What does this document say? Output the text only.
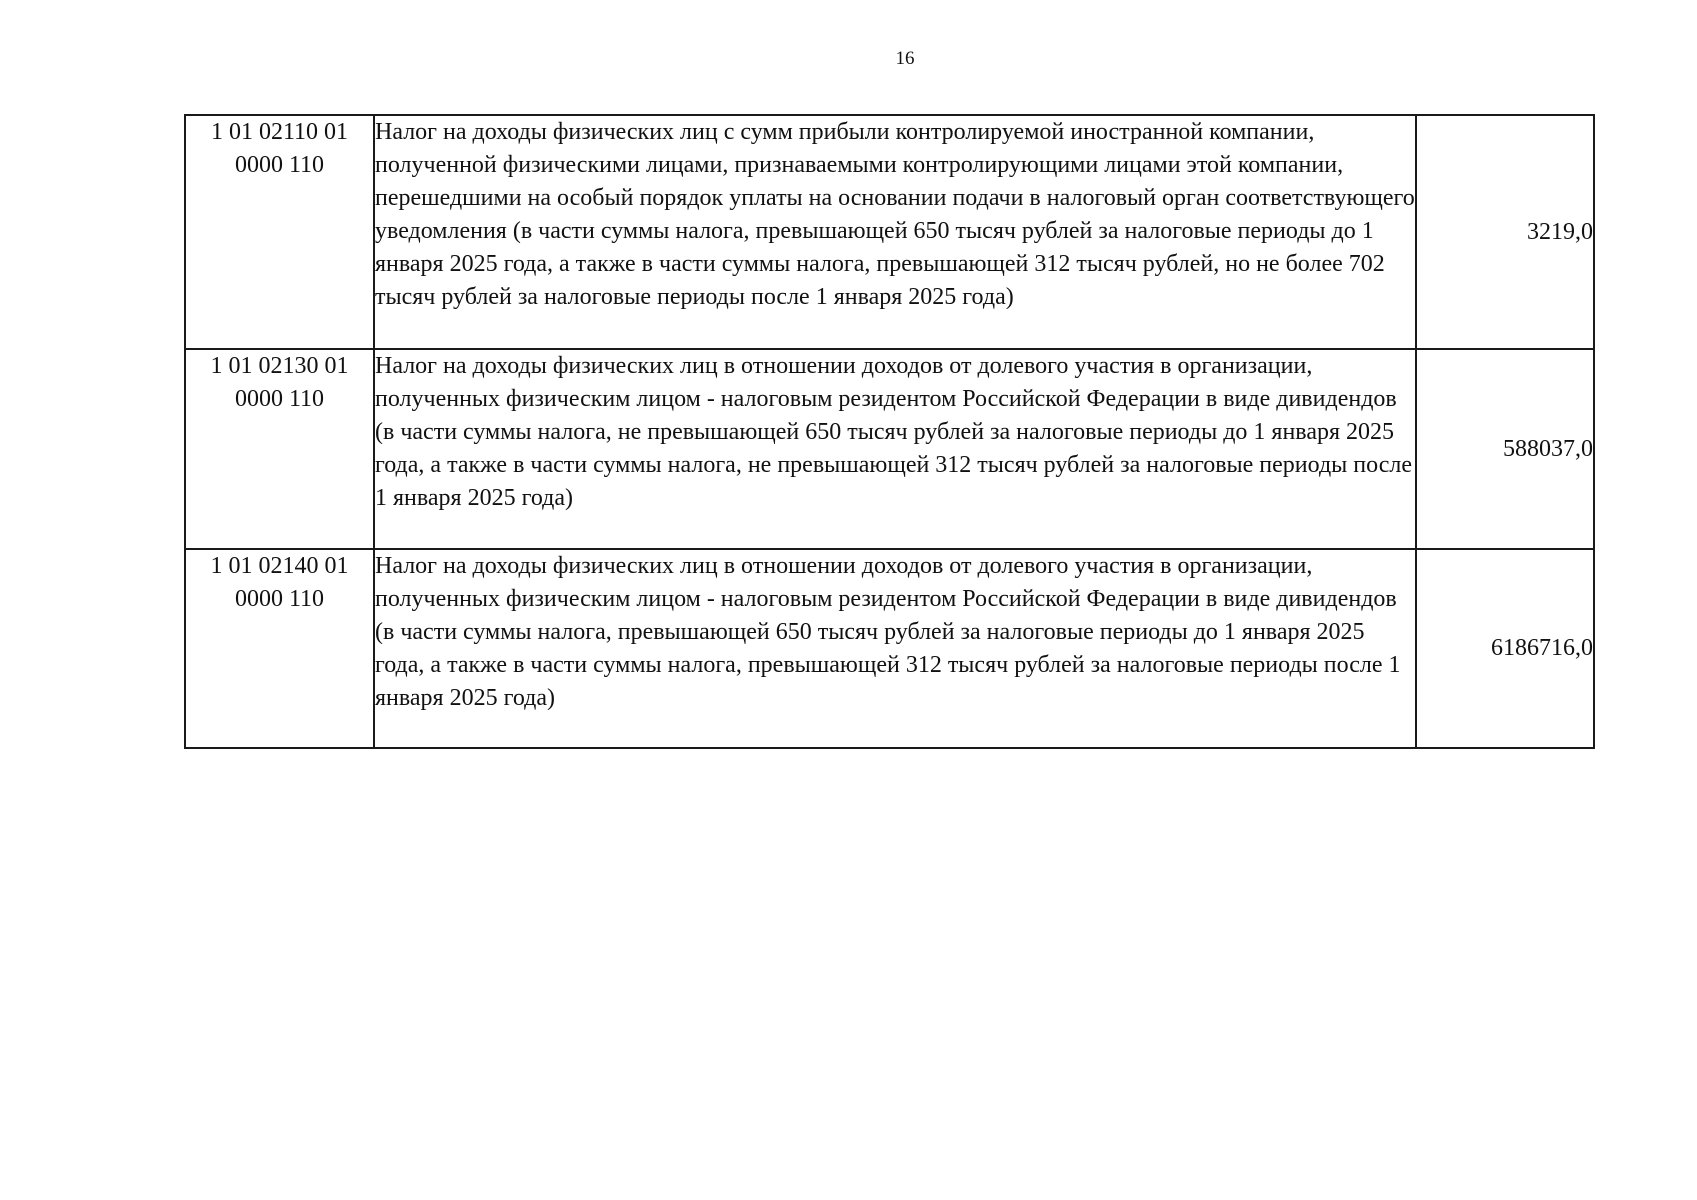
16
1 01 02110 01 0000 110	Налог на доходы физических лиц с сумм прибыли контролируемой иностранной компании, полученной физическими лицами, признаваемыми контролирующими лицами этой компании, перешедшими на особый порядок уплаты на основании подачи в налоговый орган соответствующего уведомления (в части суммы налога, превышающей 650 тысяч рублей за налоговые периоды до 1 января 2025 года, а также в части суммы налога, превышающей 312 тысяч рублей, но не более 702 тысяч рублей за налоговые периоды после 1 января 2025 года)	3219,0
1 01 02130 01 0000 110	Налог на доходы физических лиц в отношении доходов от долевого участия в организации, полученных физическим лицом - налоговым резидентом Российской Федерации в виде дивидендов (в части суммы налога, не превышающей 650 тысяч рублей за налоговые периоды до 1 января 2025 года, а также в части суммы налога, не превышающей 312 тысяч рублей за налоговые периоды после 1 января 2025 года)	588037,0
1 01 02140 01 0000 110	Налог на доходы физических лиц в отношении доходов от долевого участия в организации, полученных физическим лицом - налоговым резидентом Российской Федерации в виде дивидендов (в части суммы налога, превышающей 650 тысяч рублей за налоговые периоды до 1 января 2025 года, а также в части суммы налога, превышающей 312 тысяч рублей за налоговые периоды после 1 января 2025 года)	6186716,0
